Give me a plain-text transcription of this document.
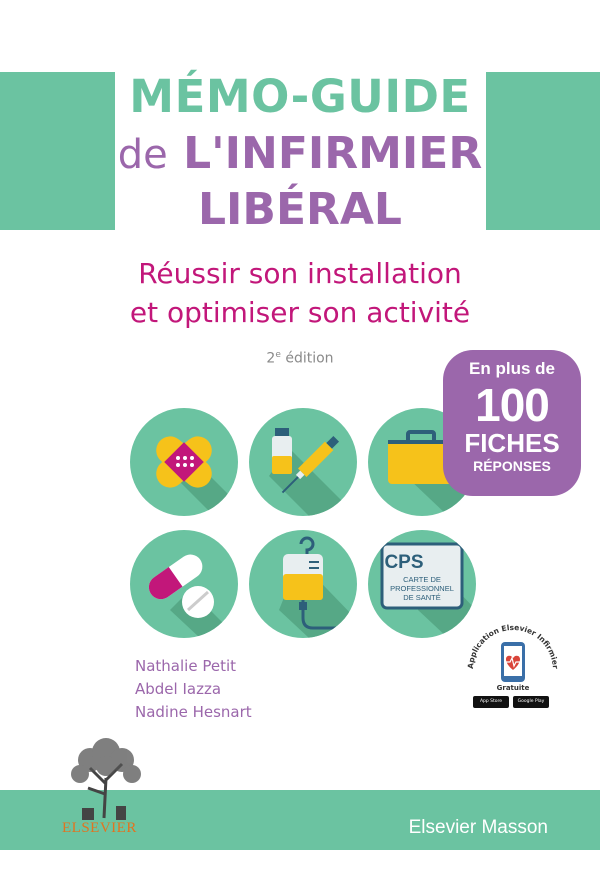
MÉMO-GUIDE
de L'INFIRMIER
LIBÉRAL
Réussir son installation
et optimiser son activité
2e édition
CPS
CARTE DE
PROFESSIONNEL
DE SANTÉ
En plus de
100
FICHES
RÉPONSES
Nathalie Petit
Abdel Iazza
Nadine Hesnart
Application Elsevier Infirmier
Gratuite
App Store	Google Play
ELSEVIER	Elsevier Masson
